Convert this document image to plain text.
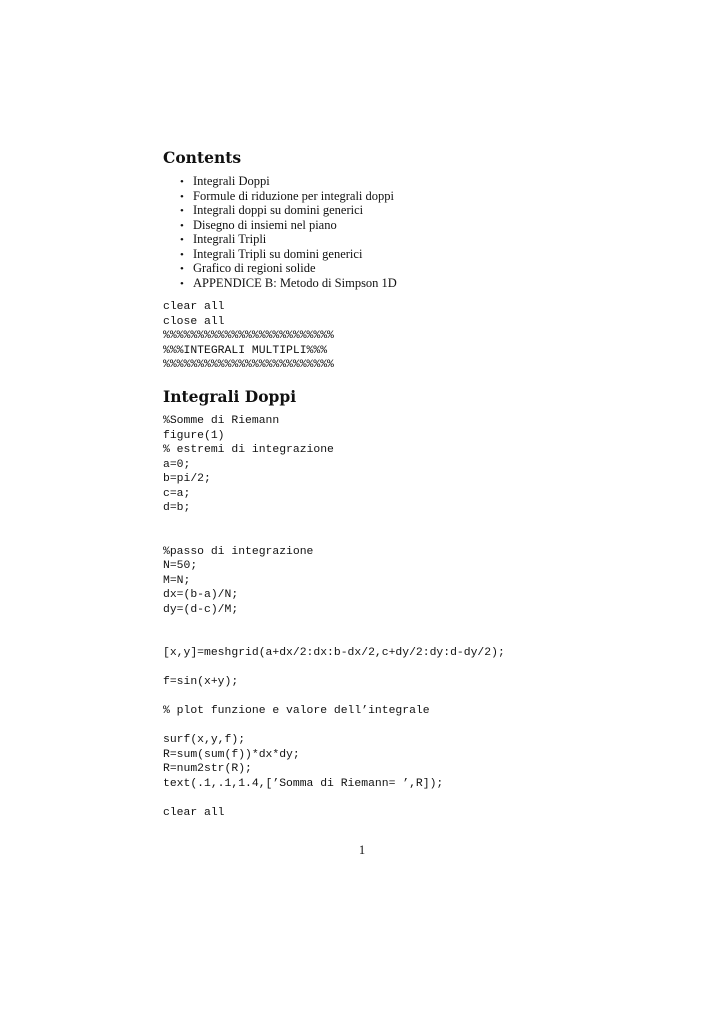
Contents
• Integrali Doppi
• Formule di riduzione per integrali doppi
• Integrali doppi su domini generici
• Disegno di insiemi nel piano
• Integrali Tripli
• Integrali Tripli su domini generici
• Grafico di regioni solide
• APPENDICE B: Metodo di Simpson 1D
clear all
close all
%%%%%%%%%%%%%%%%%%%%%%%%%
%%%INTEGRALI MULTIPLI%%%
%%%%%%%%%%%%%%%%%%%%%%%%%
Integrali Doppi
%Somme di Riemann
figure(1)
% estremi di integrazione
a=0;
b=pi/2;
c=a;
d=b;
%passo di integrazione
N=50;
M=N;
dx=(b-a)/N;
dy=(d-c)/M;
[x,y]=meshgrid(a+dx/2:dx:b-dx/2,c+dy/2:dy:d-dy/2);
f=sin(x+y);
% plot funzione e valore dell’integrale
surf(x,y,f);
R=sum(sum(f))*dx*dy;
R=num2str(R);
text(.1,.1,1.4,[’Somma di Riemann= ’,R]);
clear all
1
